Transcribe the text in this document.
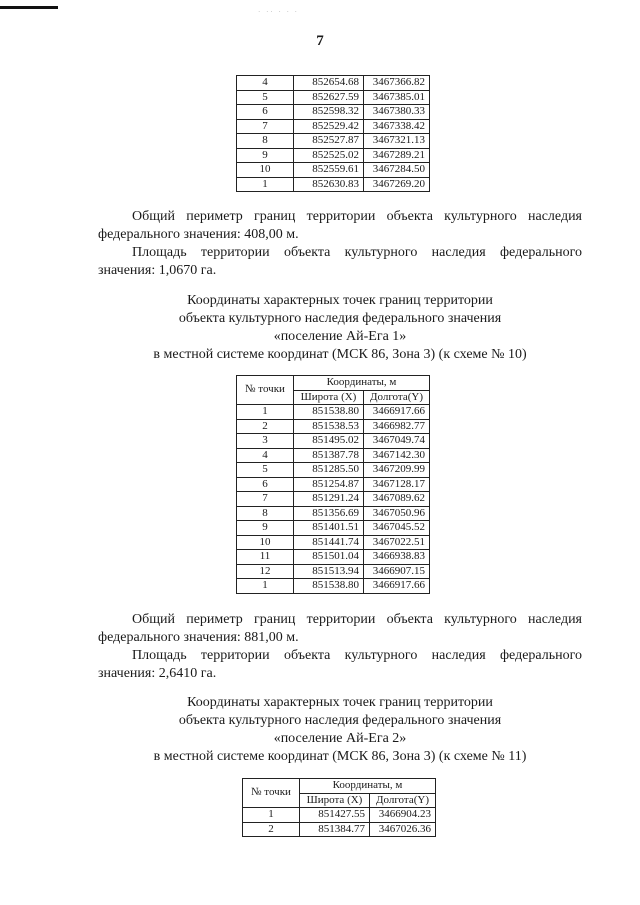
· ·· · · ·
7
4	852654.68	3467366.82
5	852627.59	3467385.01
6	852598.32	3467380.33
7	852529.42	3467338.42
8	852527.87	3467321.13
9	852525.02	3467289.21
10	852559.61	3467284.50
1	852630.83	3467269.20

Общий периметр границ территории объекта культурного наследия федерального значения: 408,00 м.

Площадь территории объекта культурного наследия федерального значения: 1,0670 га.

Координаты характерных точек границ территории
объекта культурного наследия федерального значения
«поселение Ай-Ега 1»
в местной системе координат (МСК 86, Зона 3) (к схеме № 10)
№ точки	Координаты, м	
	Широта (X)	Долгота(Y)
1	851538.80	3466917.66
2	851538.53	3466982.77
3	851495.02	3467049.74
4	851387.78	3467142.30
5	851285.50	3467209.99
6	851254.87	3467128.17
7	851291.24	3467089.62
8	851356.69	3467050.96
9	851401.51	3467045.52
10	851441.74	3467022.51
11	851501.04	3466938.83
12	851513.94	3466907.15
1	851538.80	3466917.66

Общий периметр границ территории объекта культурного наследия федерального значения: 881,00 м.

Площадь территории объекта культурного наследия федерального значения: 2,6410 га.

Координаты характерных точек границ территории
объекта культурного наследия федерального значения
«поселение Ай-Ега 2»
в местной системе координат (МСК 86, Зона 3) (к схеме № 11)
№ точки	Координаты, м	
	Широта (X)	Долгота(Y)
1	851427.55	3466904.23
2	851384.77	3467026.36
